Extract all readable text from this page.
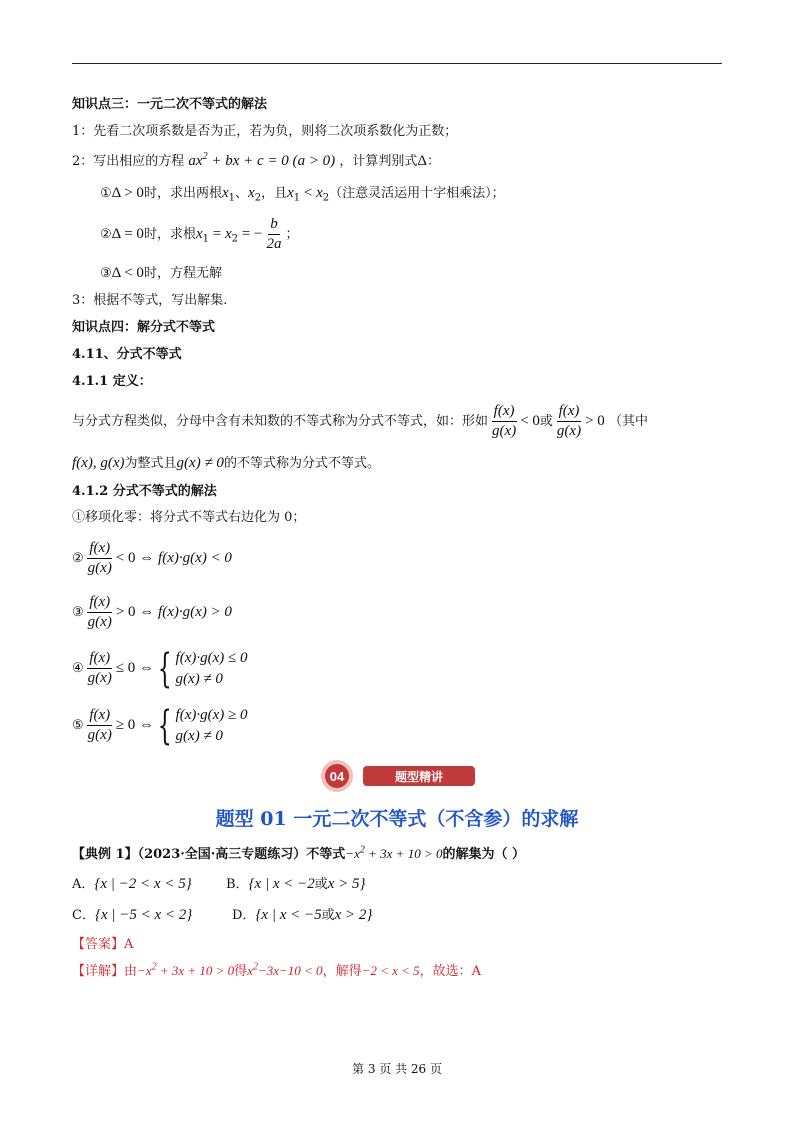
知识点三：一元二次不等式的解法
1：先看二次项系数是否为正，若为负，则将二次项系数化为正数；
2：写出相应的方程 $ax^2$ + bx + c = 0 (a > 0) ，计算判别式Δ：
①Δ > 0时，求出两根$x_1$、$x_2$，且$x_1 < x_2$（注意灵活运用十字相乘法）；
②Δ = 0时，求根$x_1 = x_2$ = − $\frac{b}{2a}$ ；
③Δ < 0时，方程无解
3：根据不等式，写出解集.
知识点四：解分式不等式
4.11、分式不等式
4.1.1 定义：
与分式方程类似，分母中含有未知数的不等式称为分式不等式，如：形如 $\frac{f(x)}{g(x)} < 0$或 $\frac{f(x)}{g(x)} > 0$ （其中
f(x), g(x)为整式且g(x) ≠ 0的不等式称为分式不等式。
4.1.2 分式不等式的解法
①移项化零：将分式不等式右边化为 0；
② $\frac{f(x)}{g(x)} < 0$ ⇔ f(x)·g(x) < 0
③ $\frac{f(x)}{g(x)} > 0$ ⇔ f(x)·g(x) > 0
④ $\frac{f(x)}{g(x)} \le 0$ ⇔ { f(x)·g(x) ≤ 0
g(x) ≠ 0
⑤ $\frac{f(x)}{g(x)} \ge 0$ ⇔ { f(x)·g(x) ≥ 0
g(x) ≠ 0
04	题型精讲
题型 01 一元二次不等式（不含参）的求解
【典例 1】（2023·全国·高三专题练习）不等式$-x^2 + 3x + 10 > 0$的解集为（ ）
A．{x | −2 < x < 5}	B．{x | x < −2或x > 5}
C．{x | −5 < x < 2}	D．{x | x < −5或x > 2}
【答案】A
【详解】由$-x^2 + 3x + 10 > 0$得$x^2-3x-10 < 0$，解得−2 < x < 5，故选：A
第 3 页 共 26 页
